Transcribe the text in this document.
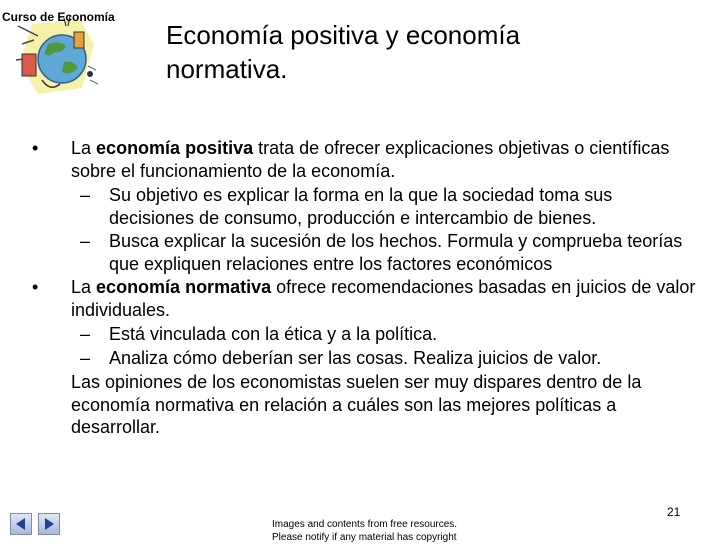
Curso de Economía
Economía positiva y economía
normativa.
• La economía positiva trata de ofrecer explicaciones objetivas o científicas sobre el funcionamiento de la economía.
– Su objetivo es explicar la forma en la que la sociedad toma sus decisiones de consumo, producción e intercambio de bienes.
– Busca explicar la sucesión de los hechos. Formula y comprueba teorías que expliquen relaciones entre los factores económicos
• La economía normativa ofrece recomendaciones basadas en juicios de valor individuales.
– Está vinculada con la ética y a la política.
– Analiza cómo deberían ser las cosas. Realiza juicios de valor.
Las opiniones de los economistas suelen ser muy dispares dentro de la economía normativa en relación a cuáles son las mejores políticas a desarrollar.
21
Images and contents from free resources.
Please notify if any material has copyright
